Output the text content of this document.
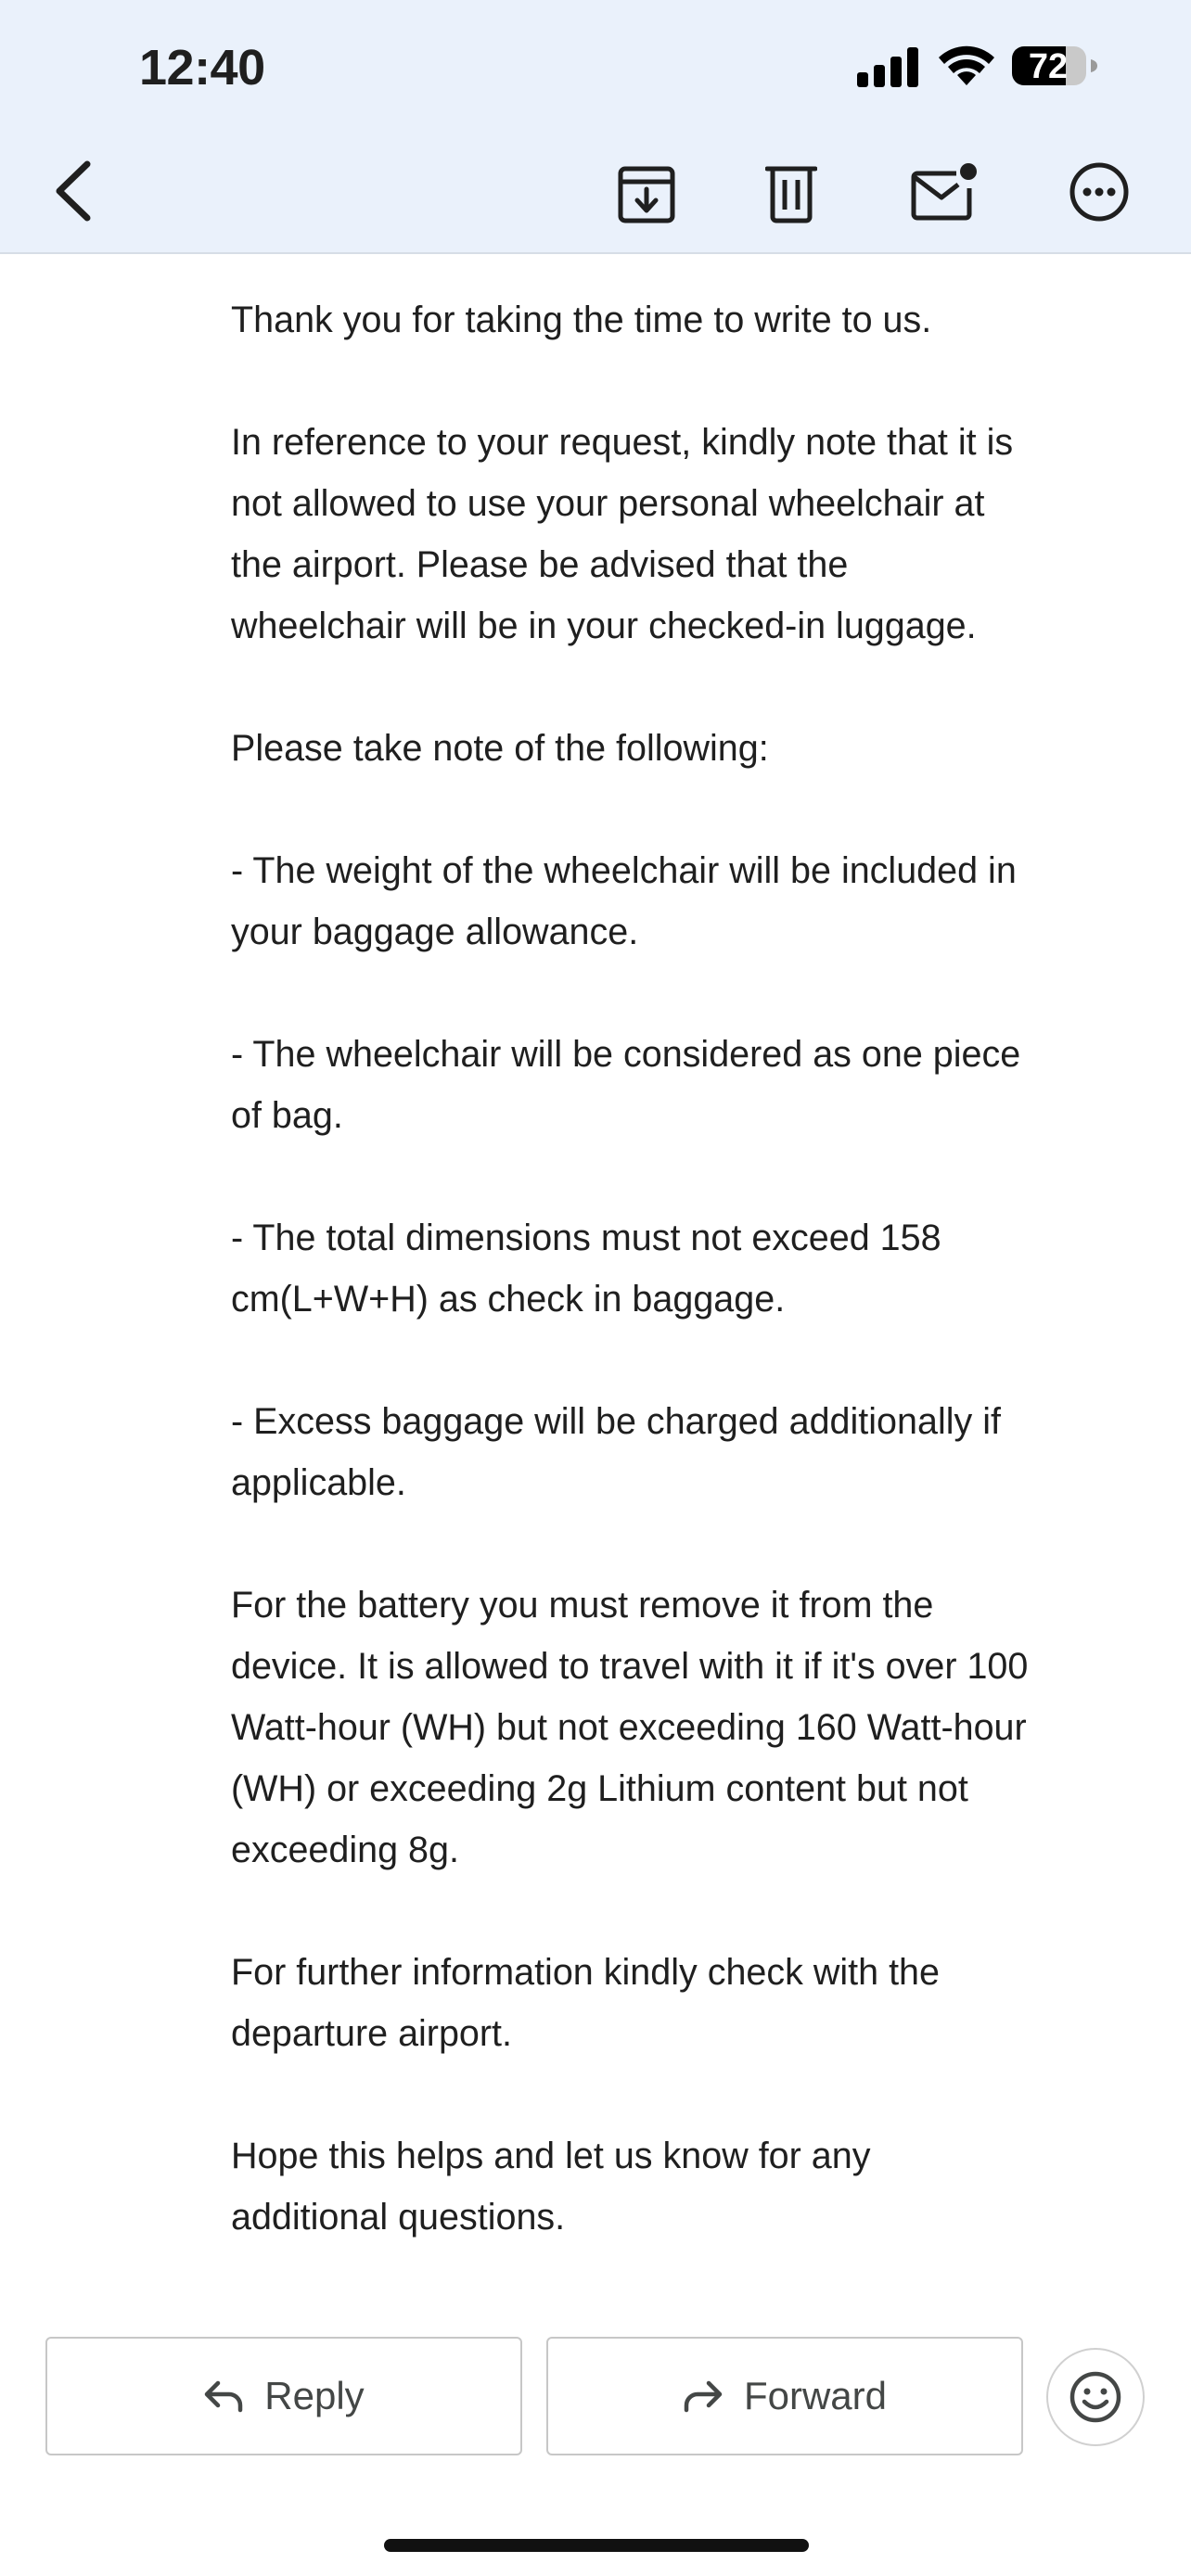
12:40	72

Thank you for taking the time to write to us.

In reference to your request, kindly note that it is not allowed to use your personal wheelchair at the airport. Please be advised that the wheelchair will be in your checked-in luggage.

Please take note of the following:

- The weight of the wheelchair will be included in your baggage allowance.

- The wheelchair will be considered as one piece of bag.

- The total dimensions must not exceed 158 cm(L+W+H) as check in baggage.

- Excess baggage will be charged additionally if applicable.

For the battery you must remove it from the device. It is allowed to travel with it if it's over 100 Watt-hour (WH) but not exceeding 160 Watt-hour (WH) or exceeding 2g Lithium content but not exceeding 8g.

For further information kindly check with the departure airport.

Hope this helps and let us know for any additional questions.

Reply	Forward
